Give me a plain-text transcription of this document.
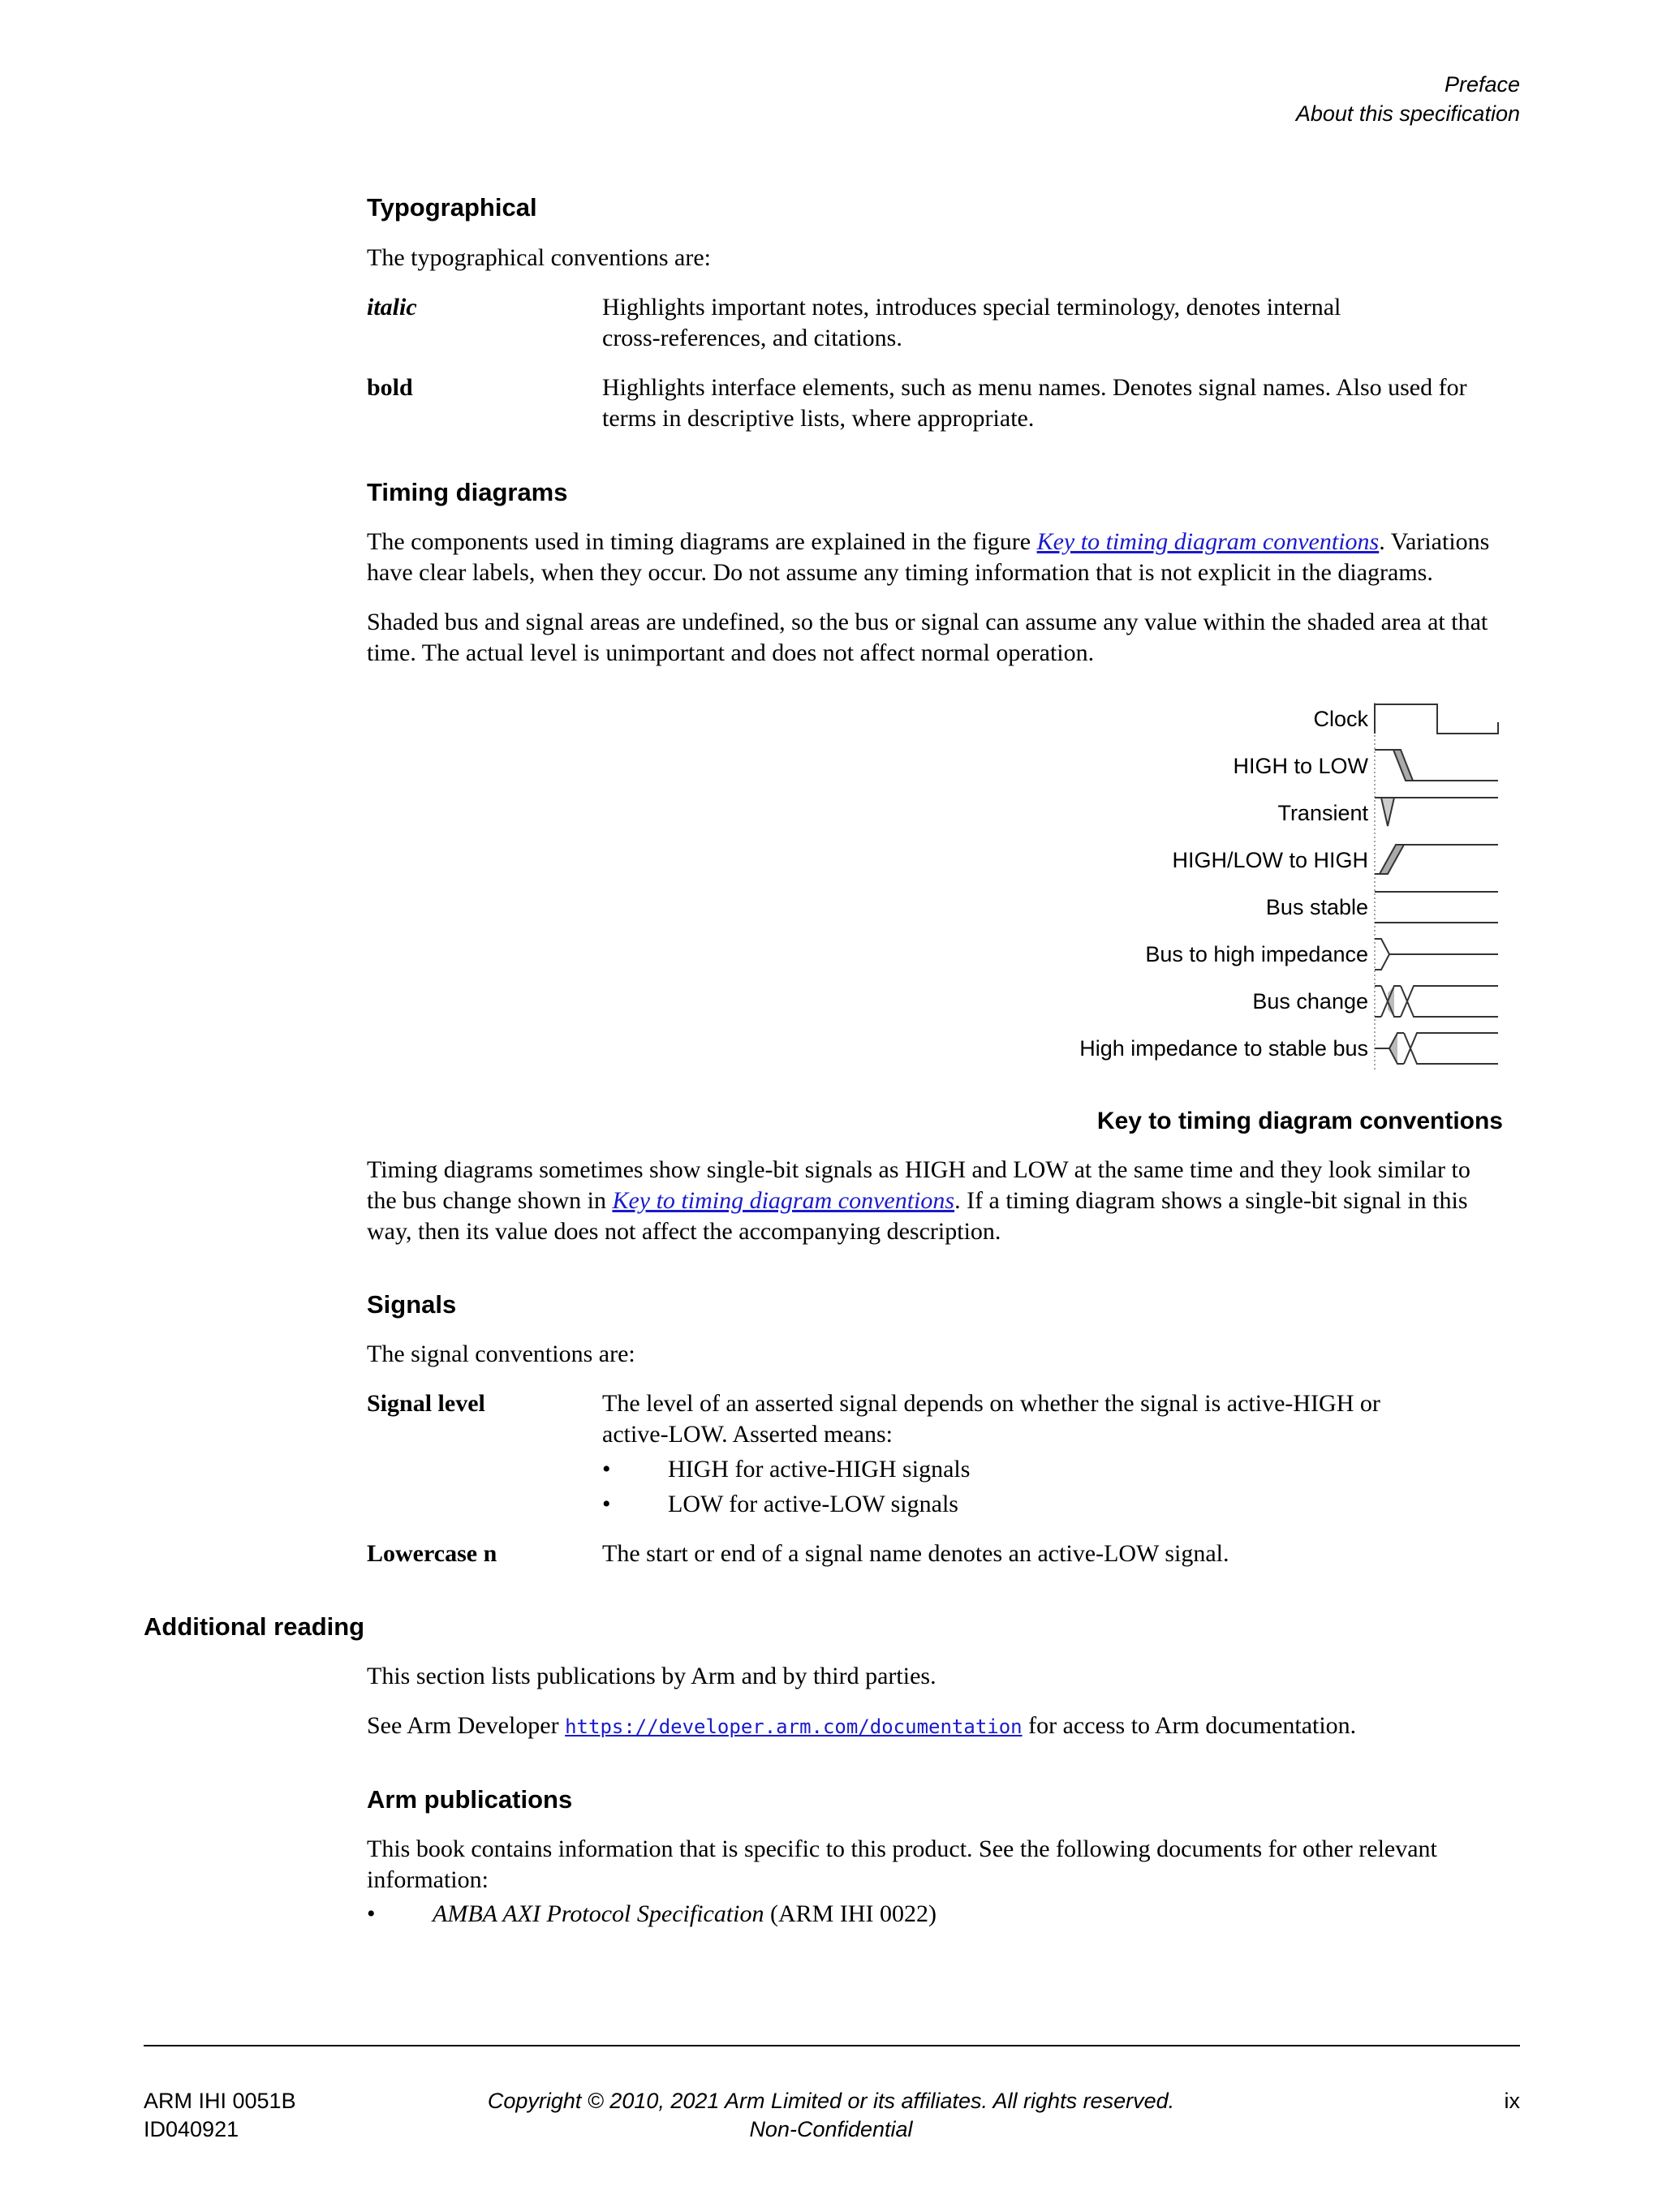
Preface
About this specification
Typographical
The typographical conventions are:
italic	Highlights important notes, introduces special terminology, denotes internal
cross-references, and citations.
bold	Highlights interface elements, such as menu names. Denotes signal names. Also used for
terms in descriptive lists, where appropriate.
Timing diagrams
The components used in timing diagrams are explained in the figure Key to timing diagram conventions. Variations
have clear labels, when they occur. Do not assume any timing information that is not explicit in the diagrams.
Shaded bus and signal areas are undefined, so the bus or signal can assume any value within the shaded area at that
time. The actual level is unimportant and does not affect normal operation.
Clock
HIGH to LOW
Transient
HIGH/LOW to HIGH
Bus stable
Bus to high impedance
Bus change
High impedance to stable bus
Key to timing diagram conventions
Timing diagrams sometimes show single-bit signals as HIGH and LOW at the same time and they look similar to
the bus change shown in Key to timing diagram conventions. If a timing diagram shows a single-bit signal in this
way, then its value does not affect the accompanying description.
Signals
The signal conventions are:
Signal level	The level of an asserted signal depends on whether the signal is active-HIGH or
active-LOW. Asserted means:
• HIGH for active-HIGH signals
• LOW for active-LOW signals
Lowercase n	The start or end of a signal name denotes an active-LOW signal.
Additional reading
This section lists publications by Arm and by third parties.
See Arm Developer https://developer.arm.com/documentation for access to Arm documentation.
Arm publications
This book contains information that is specific to this product. See the following documents for other relevant
information:
• AMBA AXI Protocol Specification (ARM IHI 0022)
ARM IHI 0051B
ID040921
Copyright © 2010, 2021 Arm Limited or its affiliates. All rights reserved.
Non-Confidential
ix
